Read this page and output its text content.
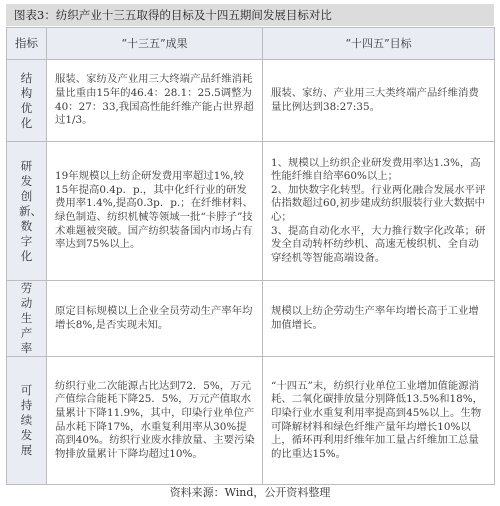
图表3：纺织产业十三五取得的目标及十四五期间发展目标对比
指标	“十三五”成果	“十四五”目标
结构优化	服装、家纺及产业用三大终端产品纤维消耗量比重由15年的46.4：28.1：25.5调整为40：27：33,我国高性能纤维产能占世界超过1/3。	服装、家纺、产业用三大类终端产品纤维消费量比例达到38:27:35。
研发创新、数字化	19年规模以上纺企研发费用率超过1%,较15年提高0.4p．p.，其中化纤行业的研发费用率1.4%,提高0.3p．p.；在纤维材料、绿色制造、纺织机械等领域一批“卡脖子”技术难题被突破。国产纺织装备国内市场占有率达到75%以上。	1、规模以上纺织企业研发费用率达1.3%，高性能纤维自给率60%以上；
2、加快数字化转型。行业两化融合发展水平评估指数超过60,初步建成纺织服装行业大数据中心；
3、提高自动化水平，大力推行数字化改革；研发全自动转杯纺纱机、高速无梭织机、全自动穿经机等智能高端设备。
劳动生产率	原定目标规模以上企业全员劳动生产率年均增长8%,是否实现未知。	规模以上纺企劳动生产率年均增长高于工业增加值增长。
可持续发展	纺织行业二次能源占比达到72．5%，万元产值综合能耗下降25．5%，万元产值取水量累计下降11.9%，其中，印染行业单位产品水耗下降17%，水重复利用率从30%提高到40%。纺织行业废水排放量、主要污染物排放量累计下降均超过10%。	“十四五”末，纺织行业单位工业增加值能源消耗、二氧化碳排放量分别降低13.5%和18%，印染行业水重复利用率提高到45%以上。生物可降解材料和绿色纤维产量年均增长10%以上，循环再利用纤维年加工量占纤维加工总量的比重达15%。
资料来源：Wind，公开资料整理
